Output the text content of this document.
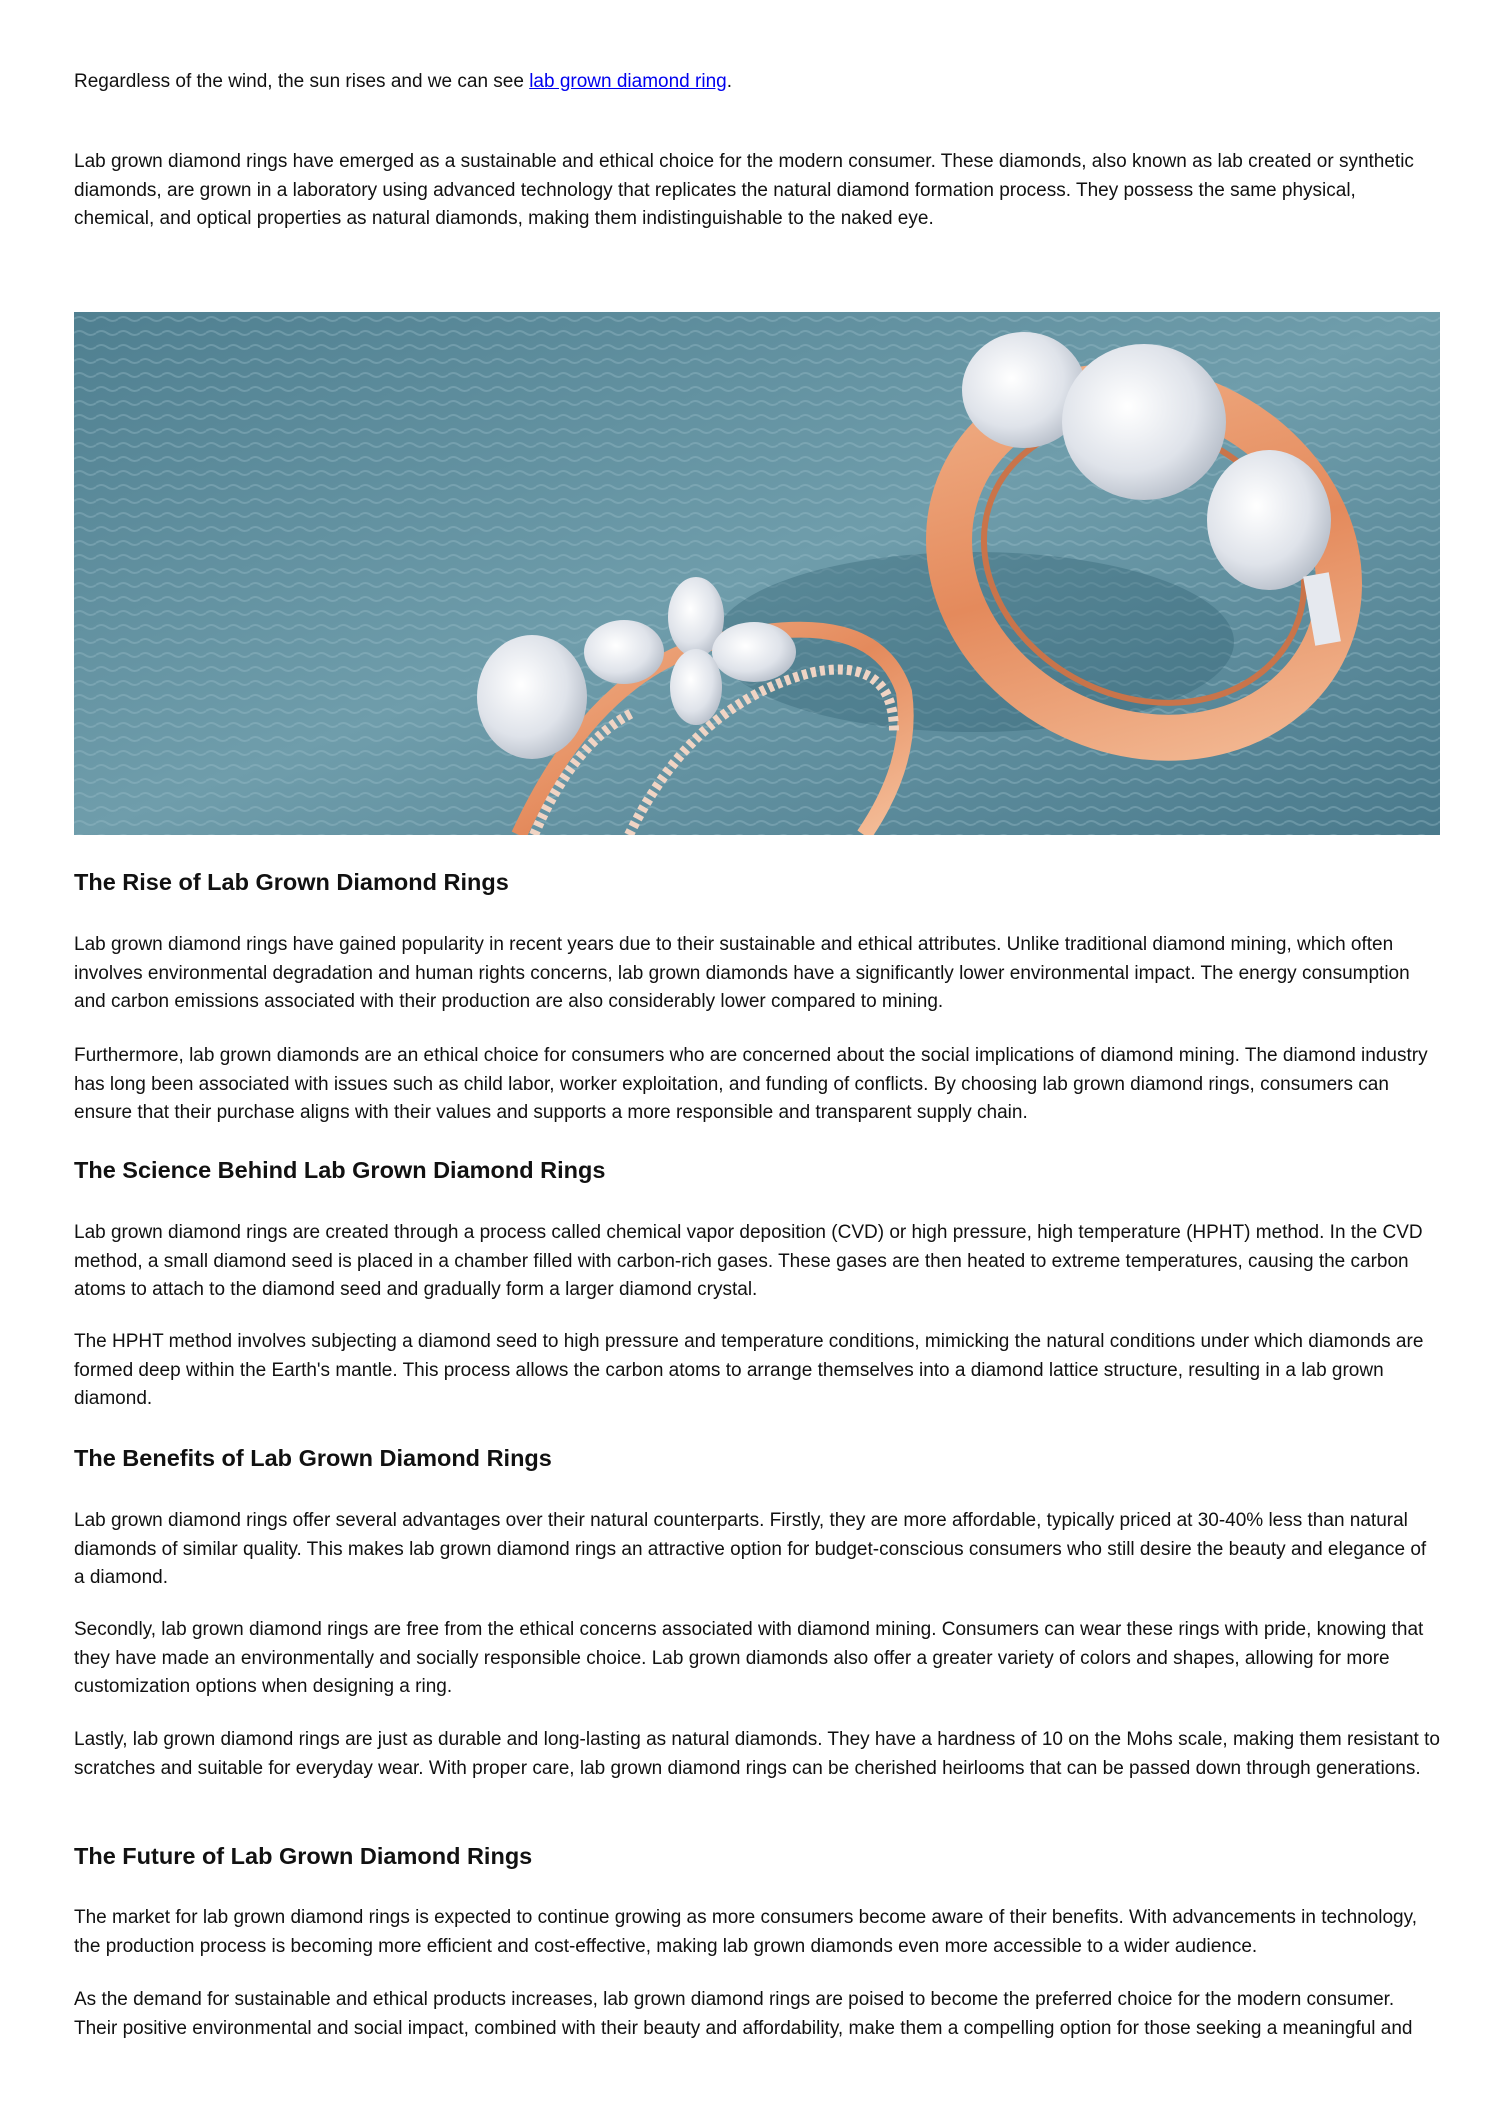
Regardless of the wind, the sun rises and we can see lab grown diamond ring.

Lab grown diamond rings have emerged as a sustainable and ethical choice for the modern consumer. These diamonds, also known as lab created or synthetic diamonds, are grown in a laboratory using advanced technology that replicates the natural diamond formation process. They possess the same physical, chemical, and optical properties as natural diamonds, making them indistinguishable to the naked eye.

The Rise of Lab Grown Diamond Rings

Lab grown diamond rings have gained popularity in recent years due to their sustainable and ethical attributes. Unlike traditional diamond mining, which often involves environmental degradation and human rights concerns, lab grown diamonds have a significantly lower environmental impact. The energy consumption and carbon emissions associated with their production are also considerably lower compared to mining.

Furthermore, lab grown diamonds are an ethical choice for consumers who are concerned about the social implications of diamond mining. The diamond industry has long been associated with issues such as child labor, worker exploitation, and funding of conflicts. By choosing lab grown diamond rings, consumers can ensure that their purchase aligns with their values and supports a more responsible and transparent supply chain.

The Science Behind Lab Grown Diamond Rings

Lab grown diamond rings are created through a process called chemical vapor deposition (CVD) or high pressure, high temperature (HPHT) method. In the CVD method, a small diamond seed is placed in a chamber filled with carbon-rich gases. These gases are then heated to extreme temperatures, causing the carbon atoms to attach to the diamond seed and gradually form a larger diamond crystal.

The HPHT method involves subjecting a diamond seed to high pressure and temperature conditions, mimicking the natural conditions under which diamonds are formed deep within the Earth's mantle. This process allows the carbon atoms to arrange themselves into a diamond lattice structure, resulting in a lab grown diamond.

The Benefits of Lab Grown Diamond Rings

Lab grown diamond rings offer several advantages over their natural counterparts. Firstly, they are more affordable, typically priced at 30-40% less than natural diamonds of similar quality. This makes lab grown diamond rings an attractive option for budget-conscious consumers who still desire the beauty and elegance of a diamond.

Secondly, lab grown diamond rings are free from the ethical concerns associated with diamond mining. Consumers can wear these rings with pride, knowing that they have made an environmentally and socially responsible choice. Lab grown diamonds also offer a greater variety of colors and shapes, allowing for more customization options when designing a ring.

Lastly, lab grown diamond rings are just as durable and long-lasting as natural diamonds. They have a hardness of 10 on the Mohs scale, making them resistant to scratches and suitable for everyday wear. With proper care, lab grown diamond rings can be cherished heirlooms that can be passed down through generations.

The Future of Lab Grown Diamond Rings

The market for lab grown diamond rings is expected to continue growing as more consumers become aware of their benefits. With advancements in technology, the production process is becoming more efficient and cost-effective, making lab grown diamonds even more accessible to a wider audience.

As the demand for sustainable and ethical products increases, lab grown diamond rings are poised to become the preferred choice for the modern consumer. Their positive environmental and social impact, combined with their beauty and affordability, make them a compelling option for those seeking a meaningful and
